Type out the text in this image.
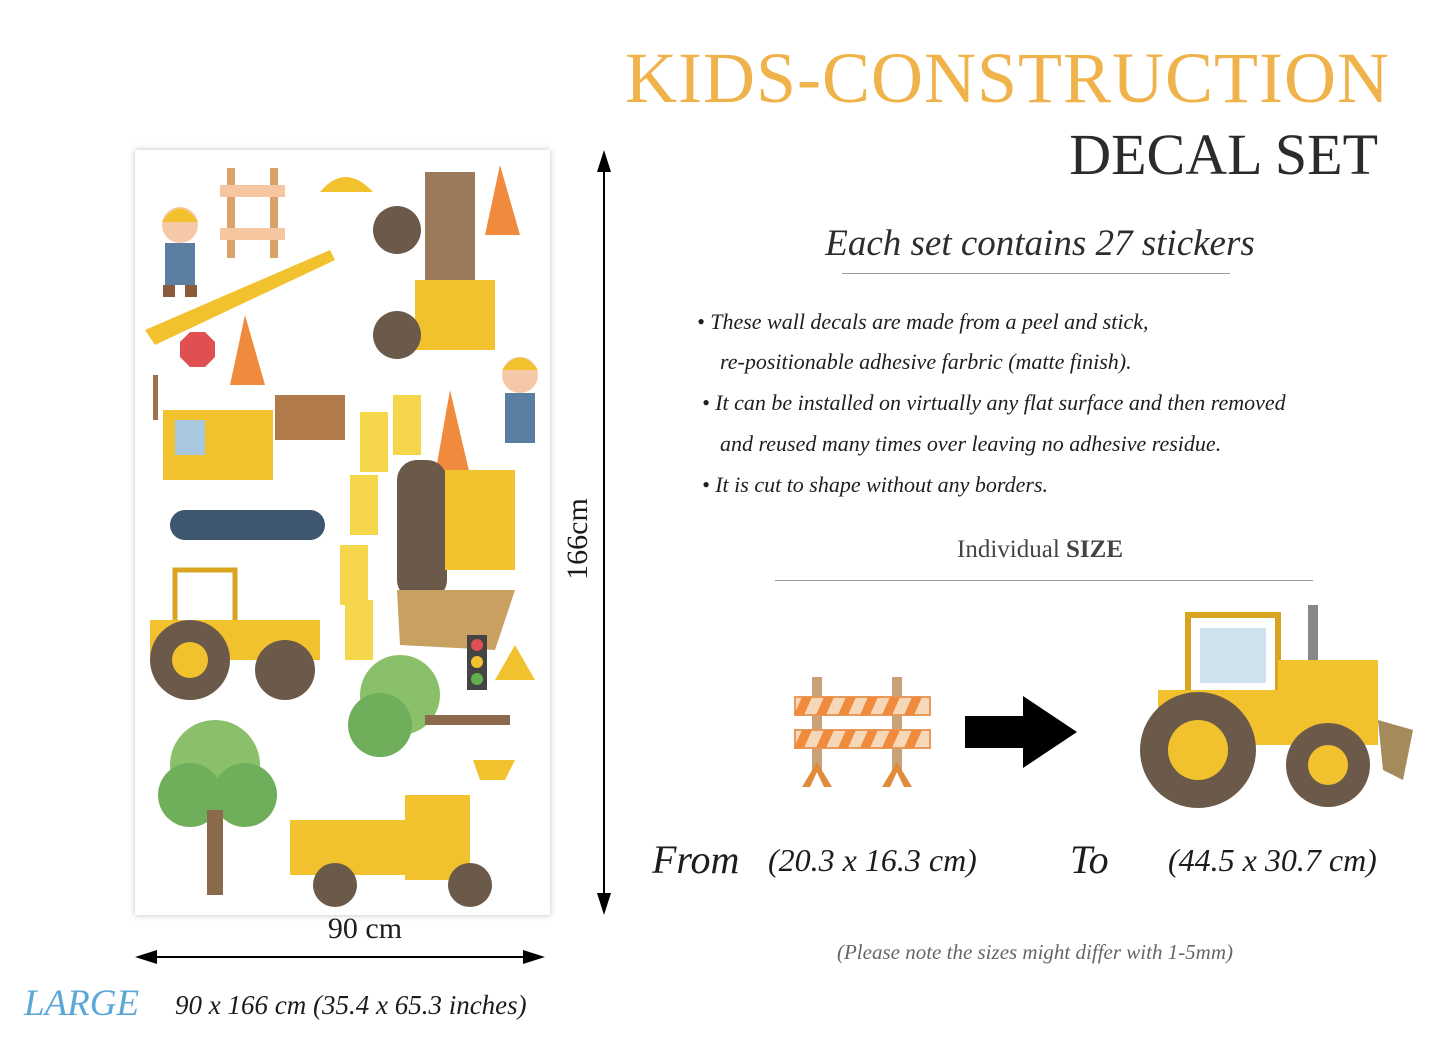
KIDS-CONSTRUCTION
DECAL SET
Each set contains 27 stickers
• These wall decals are made from a peel and stick,
re-positionable adhesive farbric (matte finish).
• It can be installed on virtually any flat surface and then removed
and reused many times over leaving no adhesive residue.
• It is cut to shape without any borders.
Individual SIZE
From (20.3 x 16.3 cm) To (44.5 x 30.7 cm)
(Please note the sizes might differ with 1-5mm)
166cm
90 cm
LARGE 90 x 166 cm (35.4 x 65.3 inches)
